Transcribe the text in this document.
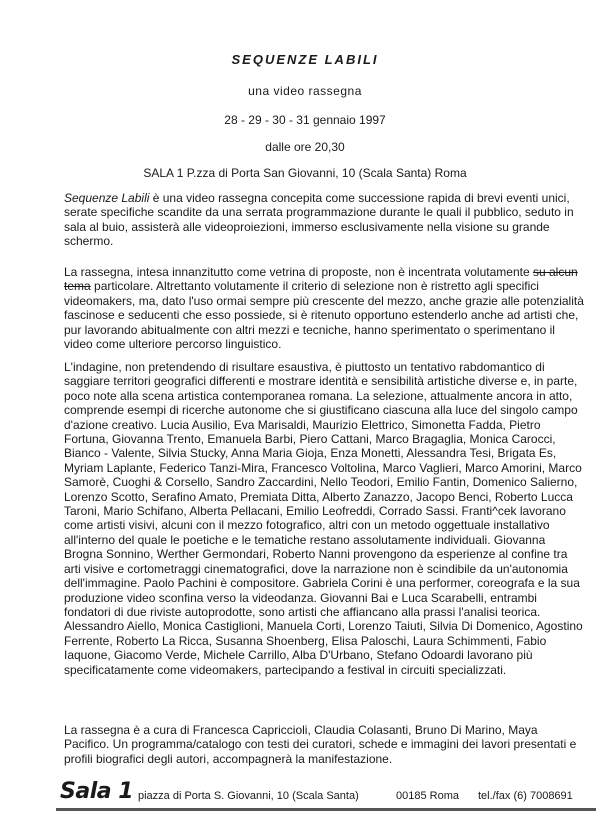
SEQUENZE LABILI
una video rassegna
28 - 29 - 30 - 31 gennaio 1997
dalle ore 20,30
SALA 1 P.zza di Porta San Giovanni, 10 (Scala Santa) Roma

Sequenze Labili è una video rassegna concepita come successione rapida di brevi eventi unici, serate specifiche scandite da una serrata programmazione durante le quali il pubblico, seduto in sala al buio, assisterà alle videoproiezioni, immerso esclusivamente nella visione su grande schermo.

La rassegna, intesa innanzitutto come vetrina di proposte, non è incentrata volutamente su alcun tema particolare. Altrettanto volutamente il criterio di selezione non è ristretto agli specifici videomakers, ma, dato l'uso ormai sempre più crescente del mezzo, anche grazie alle potenzialità fascinose e seducenti che esso possiede, si è ritenuto opportuno estenderlo anche ad artisti che, pur lavorando abitualmente con altri mezzi e tecniche, hanno sperimentato o sperimentano il video come ulteriore percorso linguistico.

L'indagine, non pretendendo di risultare esaustiva, è piuttosto un tentativo rabdomantico di saggiare territori geografici differenti e mostrare identità e sensibilità artistiche diverse e, in parte, poco note alla scena artistica contemporanea romana. La selezione, attualmente ancora in atto, comprende esempi di ricerche autonome che si giustificano ciascuna alla luce del singolo campo d'azione creativo. Lucia Ausilio, Eva Marisaldi, Maurizio Elettrico, Simonetta Fadda, Pietro Fortuna, Giovanna Trento, Emanuela Barbi, Piero Cattani, Marco Bragaglia, Monica Carocci, Bianco - Valente, Silvia Stucky, Anna Maria Gioja, Enza Monetti, Alessandra Tesi, Brigata Es, Myriam Laplante, Federico Tanzi-Mira, Francesco Voltolina, Marco Vaglieri, Marco Amorini, Marco Samorè, Cuoghi & Corsello, Sandro Zaccardini, Nello Teodori, Emilio Fantin, Domenico Salierno, Lorenzo Scotto, Serafino Amato, Premiata Ditta, Alberto Zanazzo, Jacopo Benci, Roberto Lucca Taroni, Mario Schifano, Alberta Pellacani, Emilio Leofreddi, Corrado Sassi. Franti^cek lavorano come artisti visivi, alcuni con il mezzo fotografico, altri con un metodo oggettuale installativo all'interno del quale le poetiche e le tematiche restano assolutamente individuali. Giovanna Brogna Sonnino, Werther Germondari, Roberto Nanni provengono da esperienze al confine tra arti visive e cortometraggi cinematografici, dove la narrazione non è scindibile da un'autonomia dell'immagine. Paolo Pachini è compositore. Gabriela Corini è una performer, coreografa e la sua produzione video sconfina verso la videodanza. Giovanni Bai e Luca Scarabelli, entrambi fondatori di due riviste autoprodotte, sono artisti che affiancano alla prassi l'analisi teorica. Alessandro Aiello, Monica Castiglioni, Manuela Corti, Lorenzo Taiuti, Silvia Di Domenico, Agostino Ferrente, Roberto La Ricca, Susanna Shoenberg, Elisa Paloschi, Laura Schimmenti, Fabio Iaquone, Giacomo Verde, Michele Carrillo, Alba D'Urbano, Stefano Odoardi lavorano più specificatamente come videomakers, partecipando a festival in circuiti specializzati.

La rassegna è a cura di Francesca Capriccioli, Claudia Colasanti, Bruno Di Marino, Maya Pacifico. Un programma/catalogo con testi dei curatori, schede e immagini dei lavori presentati e profili biografici degli autori, accompagnerà la manifestazione.

Sala 1 piazza di Porta S. Giovanni, 10 (Scala Santa)	00185 Roma tel./fax (6) 7008691
